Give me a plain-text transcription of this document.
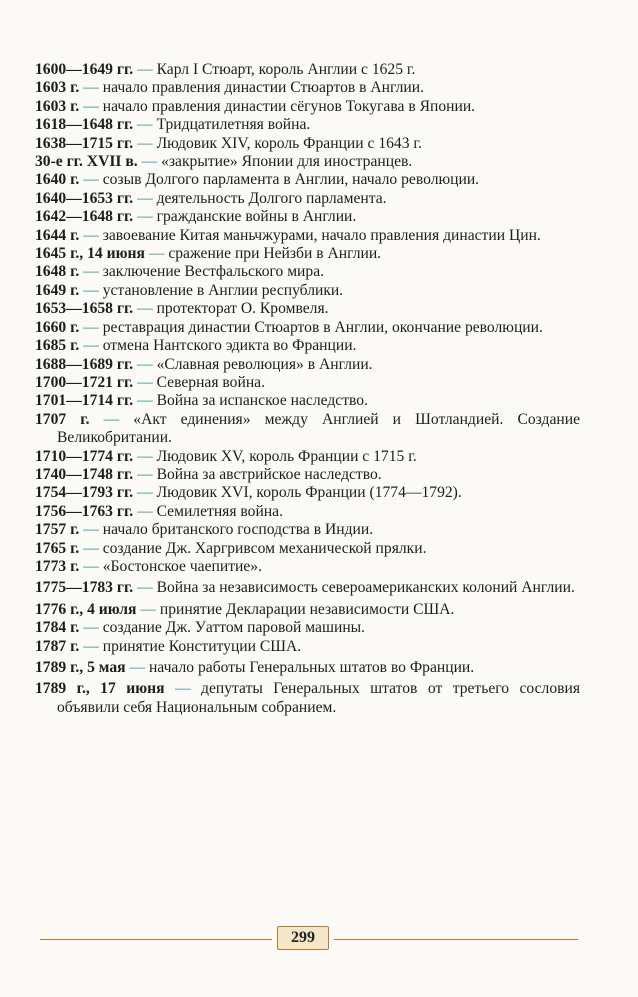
1600—1649 гг. — Карл I Стюарт, король Англии с 1625 г.
1603 г. — начало правления династии Стюартов в Англии.
1603 г. — начало правления династии сёгунов Токугава в Японии.
1618—1648 гг. — Тридцатилетняя война.
1638—1715 гг. — Людовик XIV, король Франции с 1643 г.
30-е гг. XVII в. — «закрытие» Японии для иностранцев.
1640 г. — созыв Долгого парламента в Англии, начало революции.
1640—1653 гг. — деятельность Долгого парламента.
1642—1648 гг. — гражданские войны в Англии.
1644 г. — завоевание Китая маньчжурами, начало правления династии Цин.
1645 г., 14 июня — сражение при Нейзби в Англии.
1648 г. — заключение Вестфальского мира.
1649 г. — установление в Англии республики.
1653—1658 гг. — протекторат О. Кромвеля.
1660 г. — реставрация династии Стюартов в Англии, окончание революции.
1685 г. — отмена Нантского эдикта во Франции.
1688—1689 гг. — «Славная революция» в Англии.
1700—1721 гг. — Северная война.
1701—1714 гг. — Война за испанское наследство.
1707 г. — «Акт единения» между Англией и Шотландией. Создание Великобритании.
1710—1774 гг. — Людовик XV, король Франции с 1715 г.
1740—1748 гг. — Война за австрийское наследство.
1754—1793 гг. — Людовик XVI, король Франции (1774—1792).
1756—1763 гг. — Семилетняя война.
1757 г. — начало британского господства в Индии.
1765 г. — создание Дж. Харгривсом механической прялки.
1773 г. — «Бостонское чаепитие».
1775—1783 гг. — Война за независимость североамериканских колоний Англии.
1776 г., 4 июля — принятие Декларации независимости США.
1784 г. — создание Дж. Уаттом паровой машины.
1787 г. — принятие Конституции США.
1789 г., 5 мая — начало работы Генеральных штатов во Франции.
1789 г., 17 июня — депутаты Генеральных штатов от третьего сословия объявили себя Национальным собранием.
299
